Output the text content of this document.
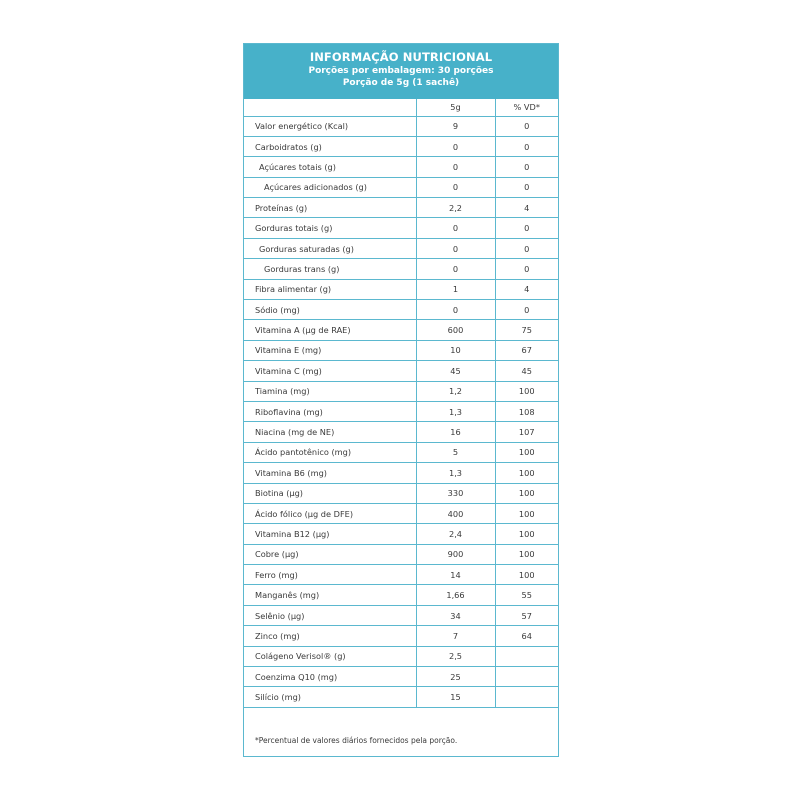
INFORMAÇÃO NUTRICIONAL
Porções por embalagem: 30 porções
Porção de 5g (1 sachê)
	5g	% VD*
Valor energético (Kcal)	9	0
Carboidratos (g)	0	0
Açúcares totais (g)	0	0
Açúcares adicionados (g)	0	0
Proteínas (g)	2,2	4
Gorduras totais (g)	0	0
Gorduras saturadas (g)	0	0
Gorduras trans (g)	0	0
Fibra alimentar (g)	1	4
Sódio (mg)	0	0
Vitamina A (µg de RAE)	600	75
Vitamina E (mg)	10	67
Vitamina C (mg)	45	45
Tiamina (mg)	1,2	100
Riboflavina (mg)	1,3	108
Niacina (mg de NE)	16	107
Ácido pantotênico (mg)	5	100
Vitamina B6 (mg)	1,3	100
Biotina (µg)	330	100
Ácido fólico (µg de DFE)	400	100
Vitamina B12 (µg)	2,4	100
Cobre (µg)	900	100
Ferro (mg)	14	100
Manganês (mg)	1,66	55
Selênio (µg)	34	57
Zinco (mg)	7	64
Colágeno Verisol® (g)	2,5	
Coenzima Q10 (mg)	25	
Silício (mg)	15	
*Percentual de valores diários fornecidos pela porção.
